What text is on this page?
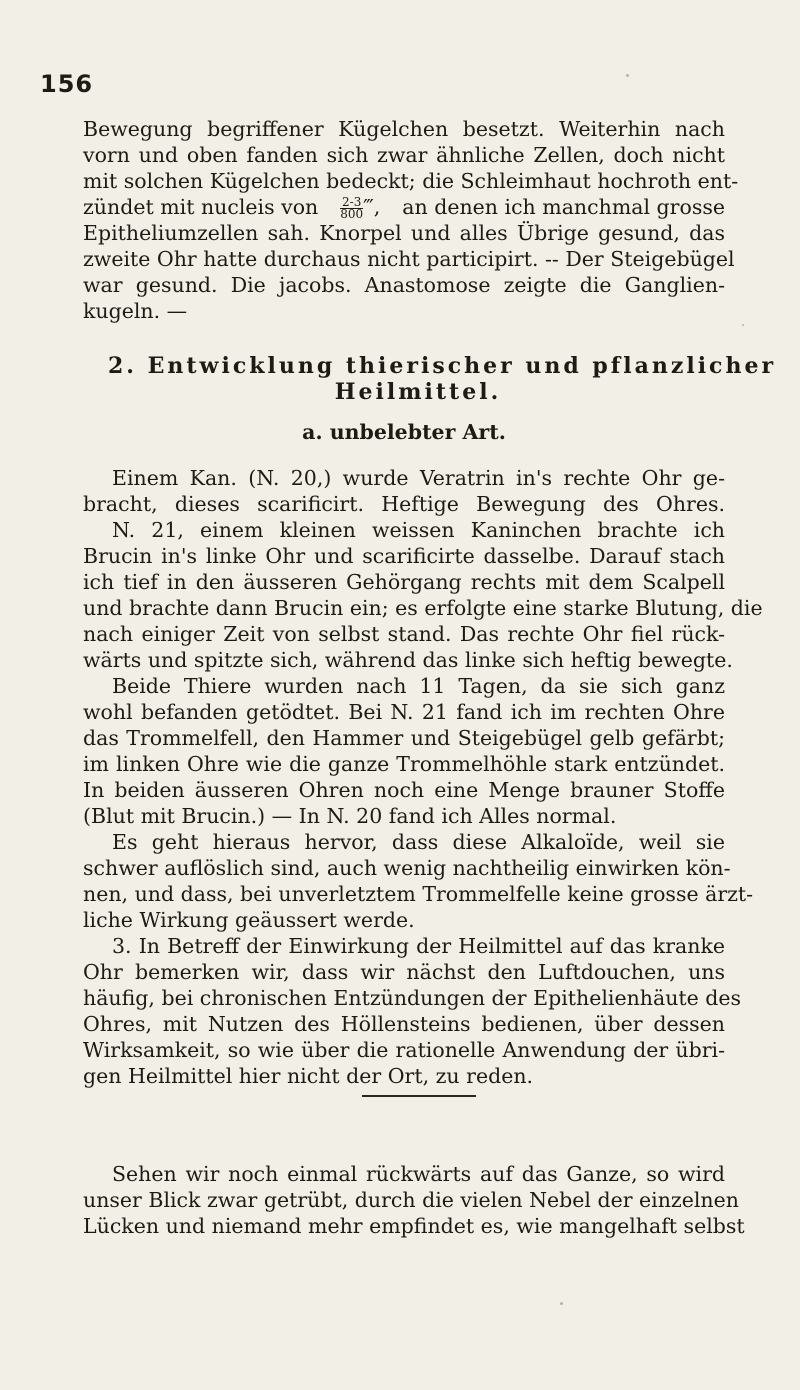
156
Bewegung begriffener Kügelchen besetzt. Weiterhin nach
vorn und oben fanden sich zwar ähnliche Zellen, doch nicht
mit solchen Kügelchen bedeckt; die Schleimhaut hochroth ent-
zündet mit nucleis von $\frac{2-3}{800}$ ‴, an denen ich manchmal grosse
Epitheliumzellen sah. Knorpel und alles Übrige gesund, das
zweite Ohr hatte durchaus nicht participirt. -- Der Steigebügel
war gesund. Die jacobs. Anastomose zeigte die Ganglien-
kugeln. —
2. Entwicklung thierischer und pflanzlicher
Heilmittel.
a. unbelebter Art.
Einem Kan. (N. 20,) wurde Veratrin in's rechte Ohr ge-
bracht, dieses scarificirt. Heftige Bewegung des Ohres.
N. 21, einem kleinen weissen Kaninchen brachte ich
Brucin in's linke Ohr und scarificirte dasselbe. Darauf stach
ich tief in den äusseren Gehörgang rechts mit dem Scalpell
und brachte dann Brucin ein; es erfolgte eine starke Blutung, die
nach einiger Zeit von selbst stand. Das rechte Ohr fiel rück-
wärts und spitzte sich, während das linke sich heftig bewegte.
Beide Thiere wurden nach 11 Tagen, da sie sich ganz
wohl befanden getödtet. Bei N. 21 fand ich im rechten Ohre
das Trommelfell, den Hammer und Steigebügel gelb gefärbt;
im linken Ohre wie die ganze Trommelhöhle stark entzündet.
In beiden äusseren Ohren noch eine Menge brauner Stoffe
(Blut mit Brucin.) — In N. 20 fand ich Alles normal.
Es geht hieraus hervor, dass diese Alkaloïde, weil sie
schwer auflöslich sind, auch wenig nachtheilig einwirken kön-
nen, und dass, bei unverletztem Trommelfelle keine grosse ärzt-
liche Wirkung geäussert werde.
3. In Betreff der Einwirkung der Heilmittel auf das kranke
Ohr bemerken wir, dass wir nächst den Luftdouchen, uns
häufig, bei chronischen Entzündungen der Epithelienhäute des
Ohres, mit Nutzen des Höllensteins bedienen, über dessen
Wirksamkeit, so wie über die rationelle Anwendung der übri-
gen Heilmittel hier nicht der Ort, zu reden.
Sehen wir noch einmal rückwärts auf das Ganze, so wird
unser Blick zwar getrübt, durch die vielen Nebel der einzelnen
Lücken und niemand mehr empfindet es, wie mangelhaft selbst
